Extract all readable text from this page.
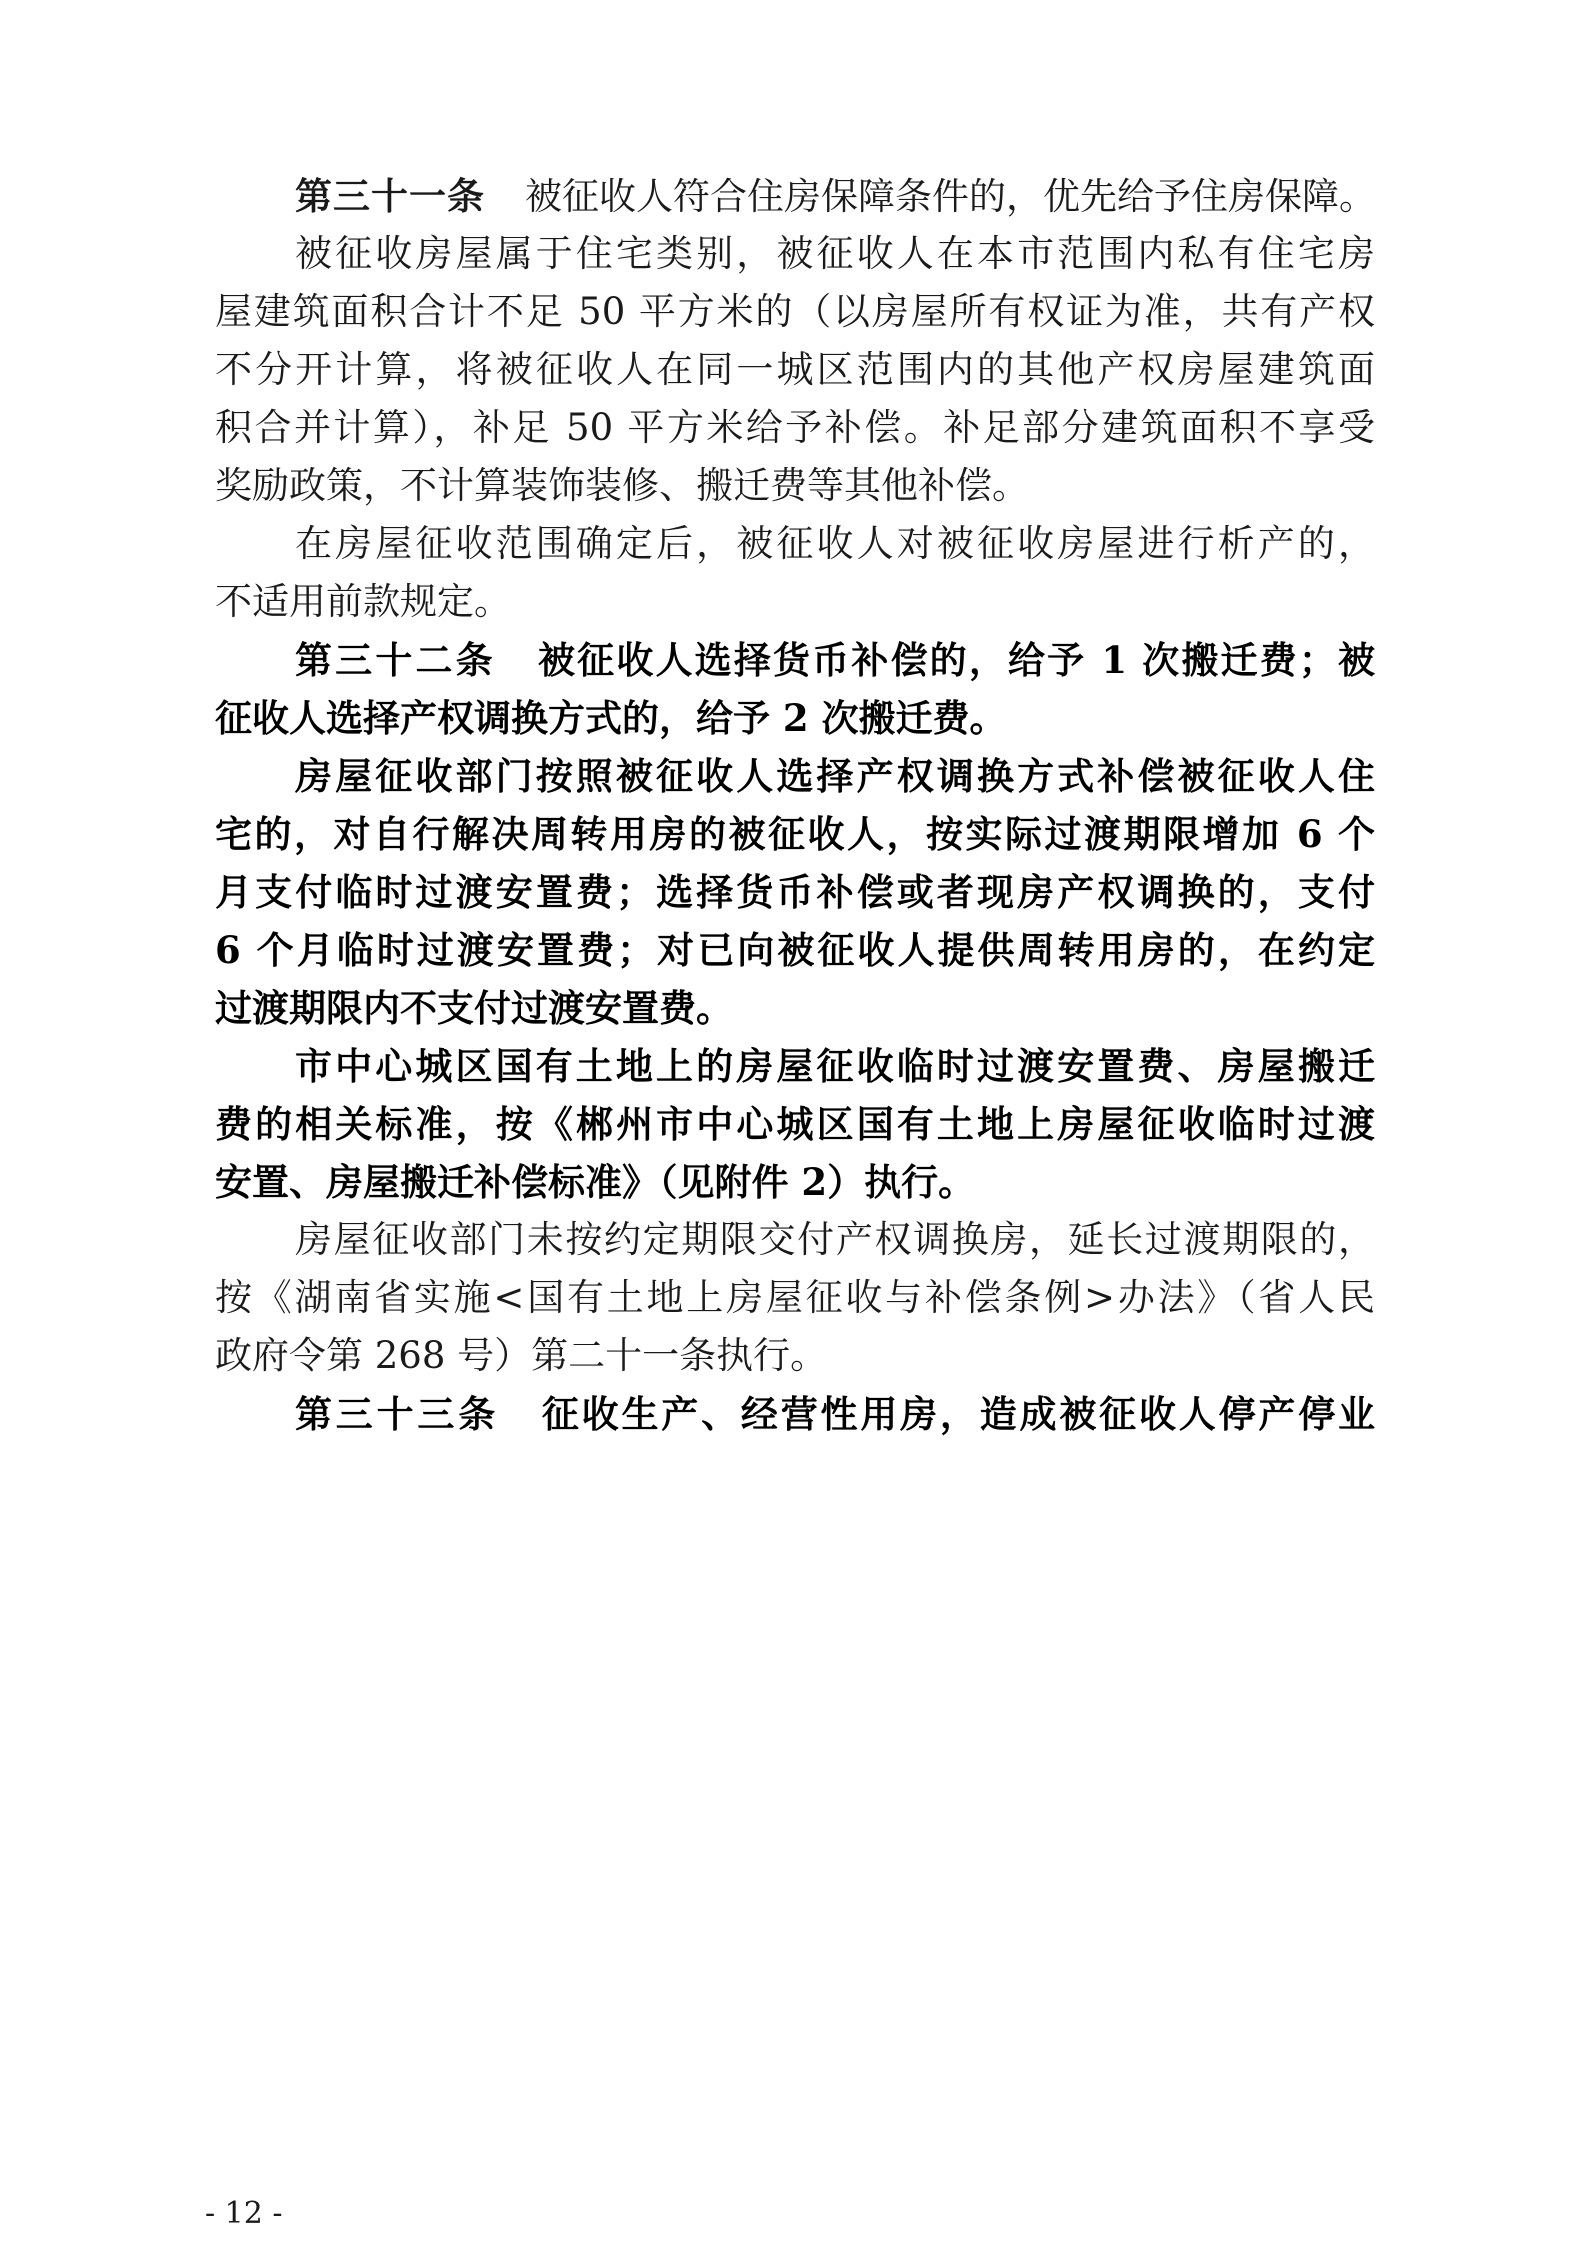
第三十一条 被征收人符合住房保障条件的，优先给予住房保障。
被征收房屋属于住宅类别，被征收人在本市范围内私有住宅房
屋建筑面积合计不足 50 平方米的（以房屋所有权证为准，共有产权
不分开计算，将被征收人在同一城区范围内的其他产权房屋建筑面
积合并计算），补足 50 平方米给予补偿。补足部分建筑面积不享受
奖励政策，不计算装饰装修、搬迁费等其他补偿。
在房屋征收范围确定后，被征收人对被征收房屋进行析产的，
不适用前款规定。
第三十二条 被征收人选择货币补偿的，给予 1 次搬迁费；被
征收人选择产权调换方式的，给予 2 次搬迁费。
房屋征收部门按照被征收人选择产权调换方式补偿被征收人住
宅的，对自行解决周转用房的被征收人，按实际过渡期限增加 6 个
月支付临时过渡安置费；选择货币补偿或者现房产权调换的，支付
6 个月临时过渡安置费；对已向被征收人提供周转用房的，在约定
过渡期限内不支付过渡安置费。
市中心城区国有土地上的房屋征收临时过渡安置费、房屋搬迁
费的相关标准，按《郴州市中心城区国有土地上房屋征收临时过渡
安置、房屋搬迁补偿标准》（见附件 2）执行。
房屋征收部门未按约定期限交付产权调换房，延长过渡期限的，
按《湖南省实施<国有土地上房屋征收与补偿条例>办法》（省人民
政府令第 268 号）第二十一条执行。
第三十三条 征收生产、经营性用房，造成被征收人停产停业
- 12 -
